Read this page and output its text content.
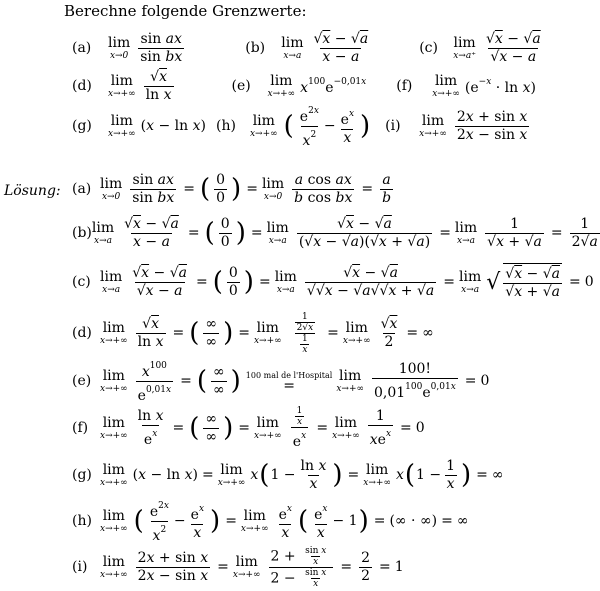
Berechne folgende Grenzwerte:
(a)	lim
$x\to 0 \frac{\text{sin ax}}{\text{sin bx}}$	(b)	lim
$x\to a \frac{√x - √a}{x - a}$	(c)	lim
$x\to a^+ \frac{√x - √a}{√x - a}$
(d)	lim
$x\to+\infty \frac{√x}{\text{ln x}}$	(e)	lim
x→+∞ $x^{100}e^{-0,01x}$ (f)	lim
x→+∞ $(e^{-x} \cdot \ln x)$
(g)	lim
x→+∞ (x − ln x) (h)	lim
x→+∞ ( $\frac{e^{2x}}{x^2} - \frac{e^x}{x}$ ) (i)	lim
$x\to+\infty \frac{\text{2x + sin x}}{\text{2x − sin x}}$
Lösung: (a) lim
$x\to 0 \frac{\text{sin ax}}{\text{sin bx}}$ = ( $\frac{0}{0}$ ) = lim
$x\to 0 \frac{\text{a cos ax}}{\text{b cos bx}} = \frac{a}{b}$
(b) lim
$x\to a \frac{√x - √a}{x - a}$ = ( $\frac{0}{0}$ ) = lim
$x\to a \frac{√x - √a}{(√x - √a)(√x + √a)} = \lim$
$x\to a \frac{1}{√x + √a} = \frac{1}{2√a}$
(c) lim
$x\to a \frac{√x - √a}{√x - a}$ = ( $\frac{0}{0}$ ) = lim
$x\to a \frac{√x - √a}{√√x - √a√√x + √a} = \lim$
x→a √ $\frac{√x - √a}{√x + √a} = 0$
(d) lim
$x\to+\infty \frac{√x}{\text{ln x}}$ = ( $\frac{\infty}{\infty}$ ) = lim
$x\to+\infty \frac{\frac{1}{2√x}}{\frac{1}{x}} = \lim$
$x\to+\infty \frac{√x}{2}$ = ∞
(e) lim
$x\to+\infty \frac{x^{100}}{e^{0,01x}}$ = ( $\frac{\infty}{\infty}$ ) 100 mal de l'Hospital
=
lim
$x\to+\infty \frac{100!}{0,01^{100}e^{0,01x}} = 0$
(f)	lim
$x\to+\infty \frac{\text{ln x}}{e^x}$ = ( $\frac{\infty}{\infty}$ ) = lim
$x\to+\infty \frac{\frac{1}{x}}{e^x} = \lim$
$x\to+\infty \frac{1}{xe^x} = 0$
(g) lim
x→+∞ (x − ln x) = lim
x→+∞ x ( $1 - \frac{\text{ln x}}{x}$ ) = lim
x→+∞ x ( $1 - \frac{1}{x}$ ) = ∞
(h) lim
x→+∞ ( $\frac{e^{2x}}{x^2} - \frac{e^x}{x}$ ) = lim
$x\to+\infty \frac{e^x}{x}$ ( $\frac{e^x}{x} - 1$ ) = (∞ · ∞) = ∞
(i)	lim
$x\to+\infty \frac{\text{2x + sin x}}{\text{2x − sin x}} = \lim$
$x\to+\infty \frac{2 + \frac{\text{sin x}}{x}}{2 - \frac{\text{sin x}}{x}} = \frac{2}{2} = 1$
